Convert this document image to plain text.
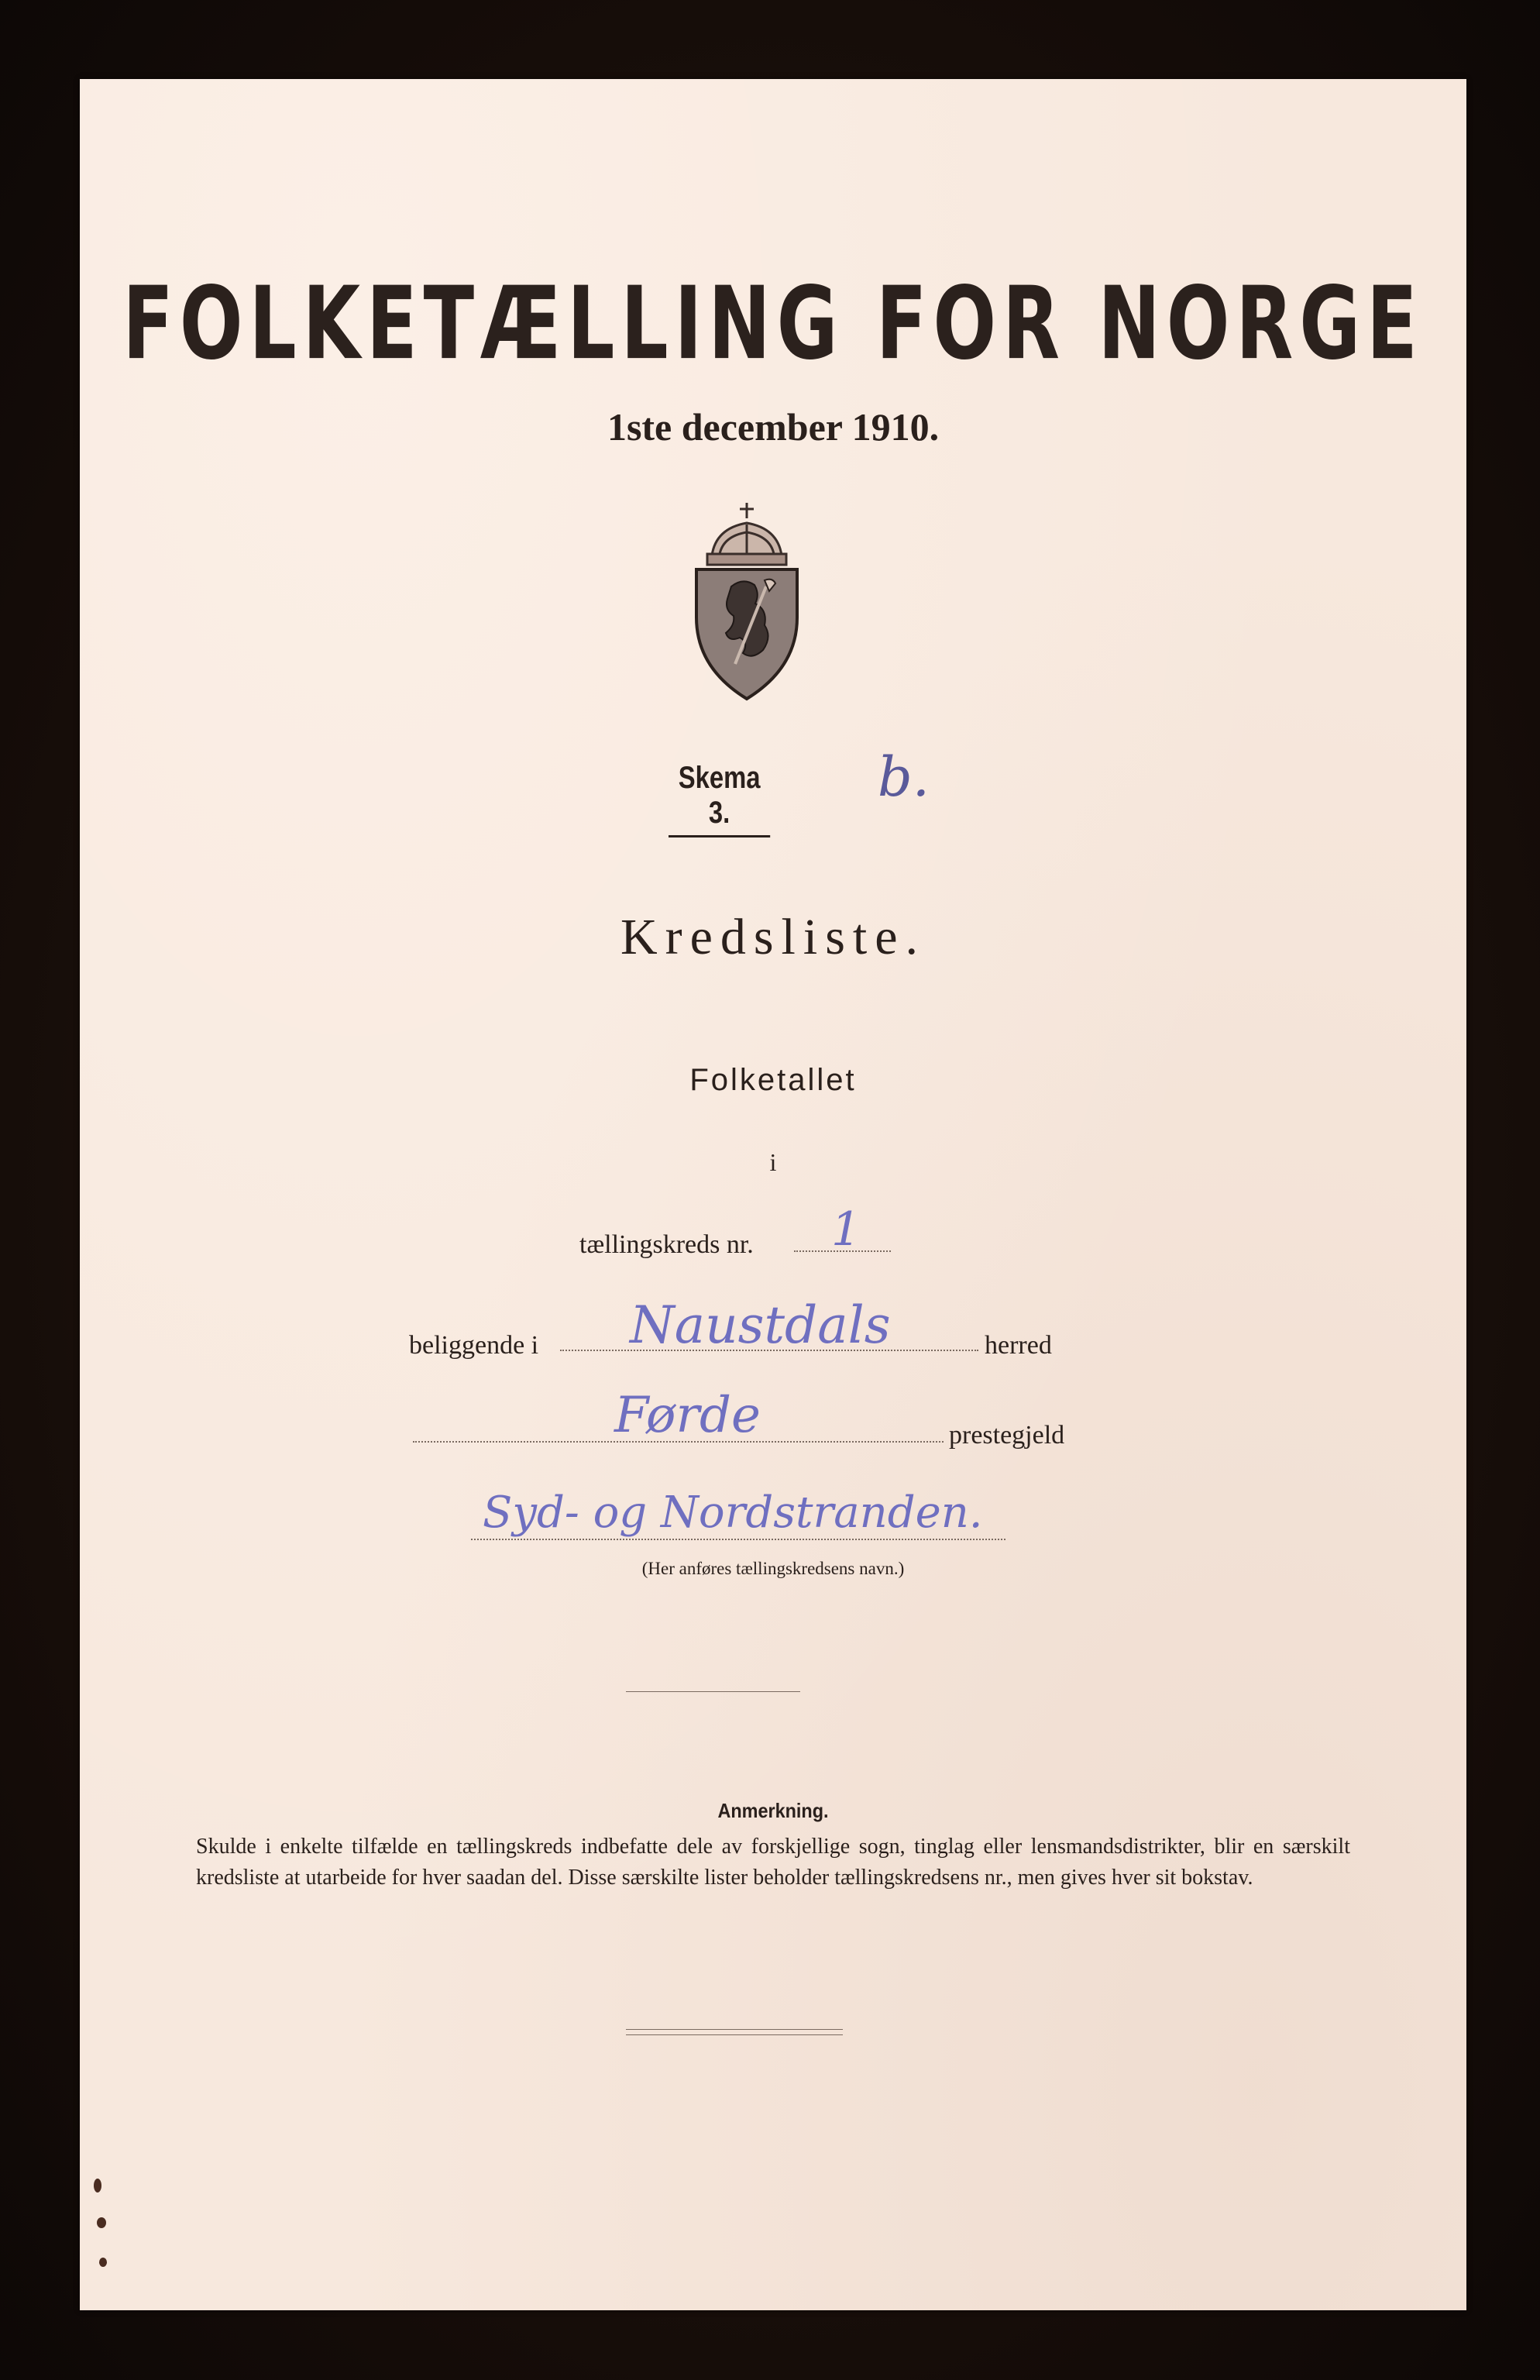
FOLKETÆLLING FOR NORGE
1ste december 1910.
Skema 3.
b.
Kredsliste.
Folketallet
i
tællingskreds nr. 1
beliggende i Naustdals	herred
Førde	prestegjeld
Syd- og Nordstranden.
(Her anføres tællingskredsens navn.)
Anmerkning.
Skulde i enkelte tilfælde en tællingskreds indbefatte dele av forskjellige sogn, tinglag eller lensmandsdistrikter, blir en særskilt kredsliste at utarbeide for hver saadan del. Disse særskilte lister beholder tællingskredsens nr., men gives hver sit bokstav.
